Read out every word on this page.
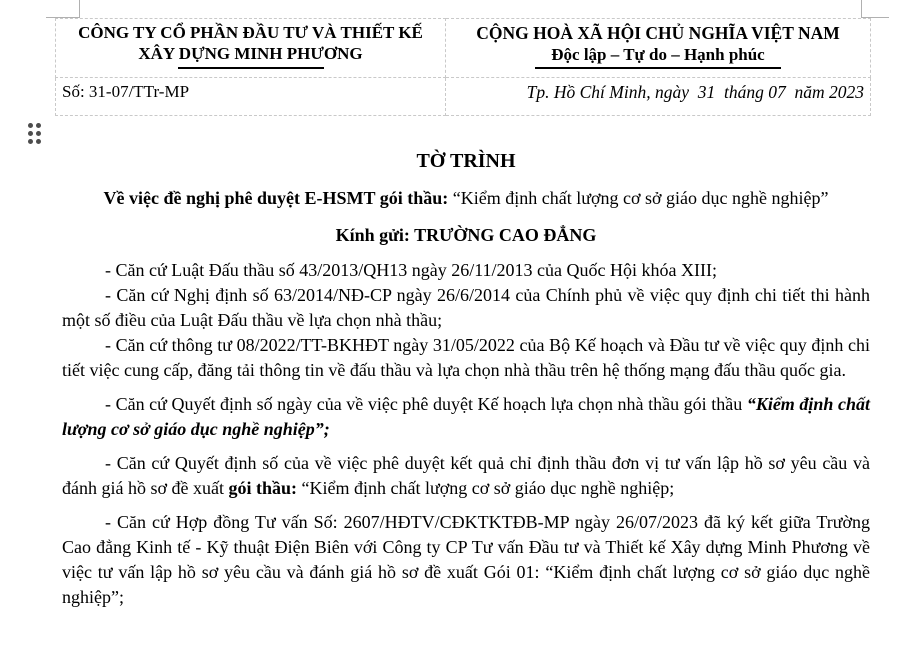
CÔNG TY CỔ PHẦN ĐẦU TƯ VÀ THIẾT KẾ XÂY DỰNG MINH PHƯƠNG	CỘNG HOÀ XÃ HỘI CHỦ NGHĨA VIỆT NAM
Độc lập – Tự do – Hạnh phúc

Số: 31-07/TTr-MP	Tp. Hồ Chí Minh, ngày  31  tháng 07  năm 2023
TỜ TRÌNH

Về việc đề nghị phê duyệt E-HSMT gói thầu: “Kiểm định chất lượng cơ sở giáo dục nghề nghiệp”

Kính gửi: TRƯỜNG CAO ĐẲNG

- Căn cứ Luật Đấu thầu số 43/2013/QH13 ngày 26/11/2013 của Quốc Hội khóa XIII;

- Căn cứ Nghị định số 63/2014/NĐ-CP ngày 26/6/2014 của Chính phủ về việc quy định chi tiết thi hành một số điều của Luật Đấu thầu về lựa chọn nhà thầu;

- Căn cứ thông tư 08/2022/TT-BKHĐT ngày 31/05/2022 của Bộ Kế hoạch và Đầu tư về việc quy định chi tiết việc cung cấp, đăng tải thông tin về đấu thầu và lựa chọn nhà thầu trên hệ thống mạng đấu thầu quốc gia.

- Căn cứ Quyết định số ngày của về việc phê duyệt Kế hoạch lựa chọn nhà thầu gói thầu “Kiểm định chất lượng cơ sở giáo dục nghề nghiệp”;

- Căn cứ Quyết định số của về việc phê duyệt kết quả chỉ định thầu đơn vị tư vấn lập hồ sơ yêu cầu và đánh giá hồ sơ đề xuất gói thầu: “Kiểm định chất lượng cơ sở giáo dục nghề nghiệp;

- Căn cứ Hợp đồng Tư vấn Số: 2607/HĐTV/CĐKTKTĐB-MP ngày 26/07/2023 đã ký kết giữa Trường Cao đẳng Kinh tế - Kỹ thuật Điện Biên với Công ty CP Tư vấn Đầu tư và Thiết kế Xây dựng Minh Phương về việc tư vấn lập hồ sơ yêu cầu và đánh giá hồ sơ đề xuất Gói 01: “Kiểm định chất lượng cơ sở giáo dục nghề nghiệp”;
